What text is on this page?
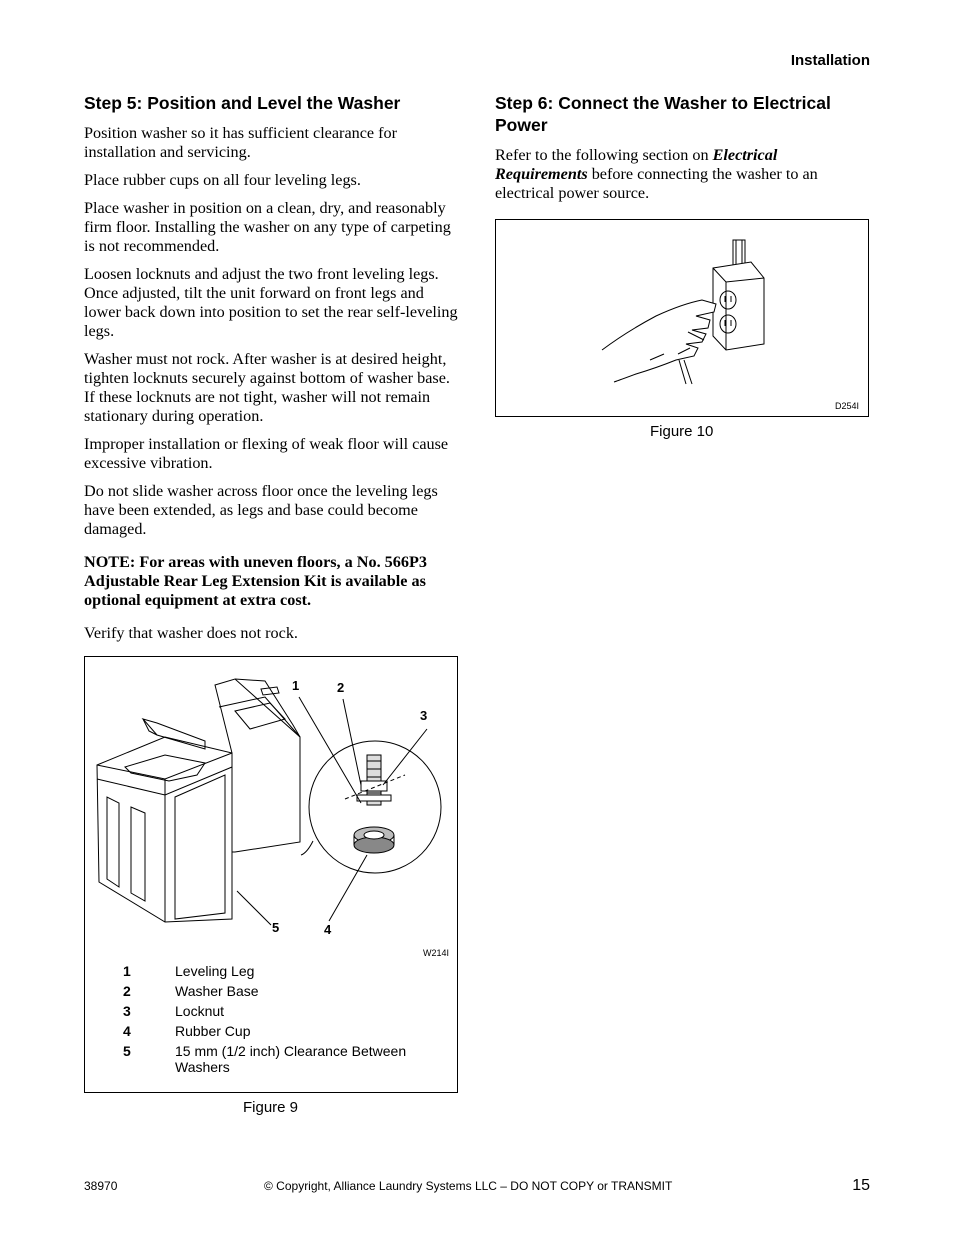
Installation
Step 5: Position and Level the Washer

Position washer so it has sufficient clearance for installation and servicing.

Place rubber cups on all four leveling legs.

Place washer in position on a clean, dry, and reasonably firm floor. Installing the washer on any type of carpeting is not recommended.

Loosen locknuts and adjust the two front leveling legs. Once adjusted, tilt the unit forward on front legs and lower back down into position to set the rear self-leveling legs.

Washer must not rock. After washer is at desired height, tighten locknuts securely against bottom of washer base. If these locknuts are not tight, washer will not remain stationary during operation.

Improper installation or flexing of weak floor will cause excessive vibration.

Do not slide washer across floor once the leveling legs have been extended, as legs and base could become damaged.

NOTE: For areas with uneven floors, a No. 566P3 Adjustable Rear Leg Extension Kit is available as optional equipment at extra cost.

Verify that washer does not rock.

1	2
3
4
5
W214I
1	Leveling Leg
2	Washer Base
3	Locknut
4	Rubber Cup
5	15 mm (1/2 inch) Clearance Between Washers
Figure 9
Step 6: Connect the Washer to Electrical Power

Refer to the following section on Electrical Requirements before connecting the washer to an electrical power source.

D254I
Figure 10
38970	© Copyright, Alliance Laundry Systems LLC – DO NOT COPY or TRANSMIT	15
